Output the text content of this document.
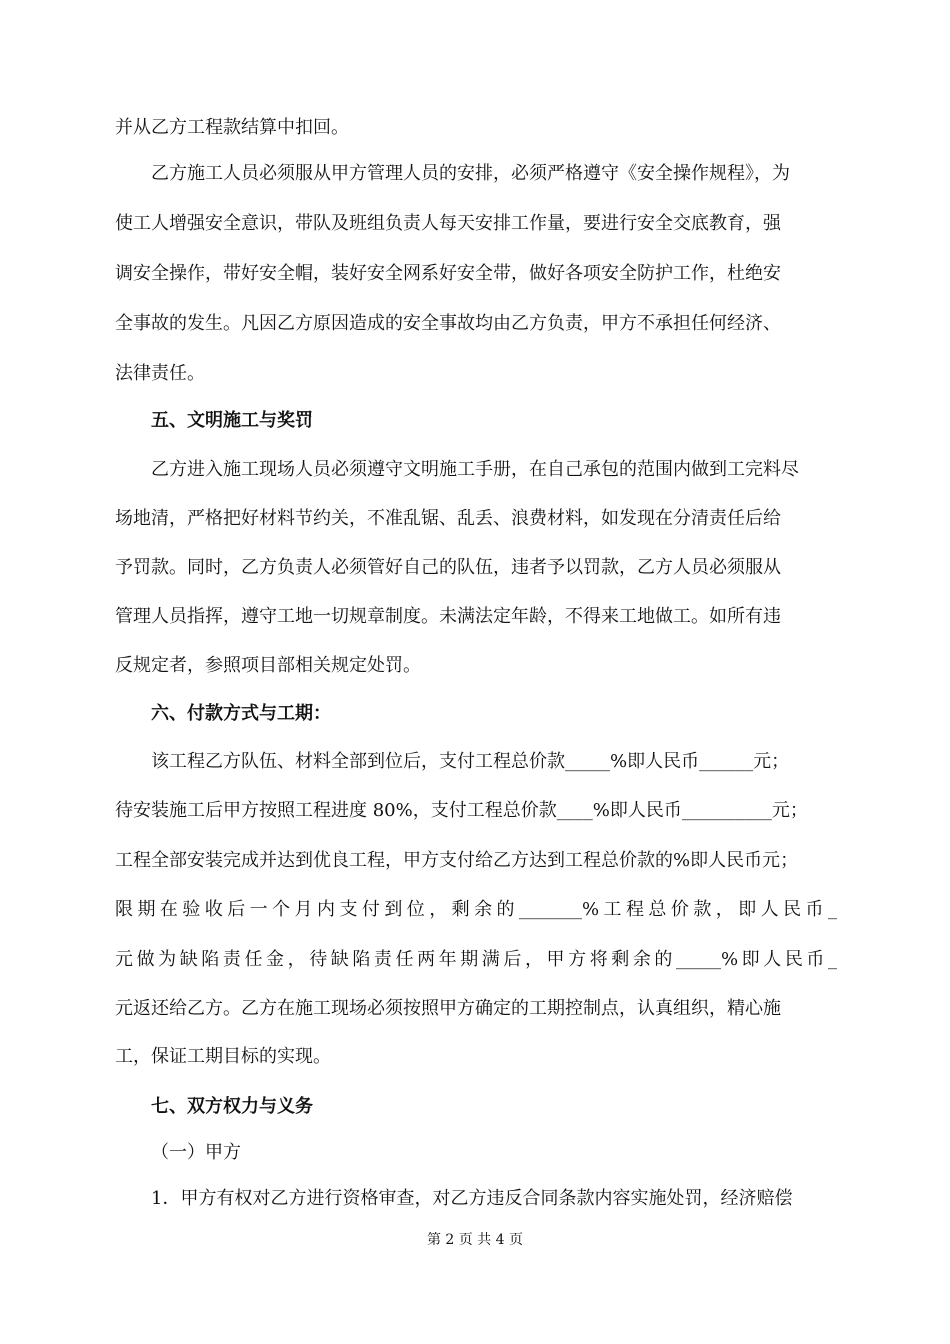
并从乙方工程款结算中扣回。
乙方施工人员必须服从甲方管理人员的安排，必须严格遵守《安全操作规程》，为
使工人增强安全意识，带队及班组负责人每天安排工作量，要进行安全交底教育，强
调安全操作，带好安全帽，装好安全网系好安全带，做好各项安全防护工作，杜绝安
全事故的发生。凡因乙方原因造成的安全事故均由乙方负责，甲方不承担任何经济、
法律责任。
五、文明施工与奖罚
乙方进入施工现场人员必须遵守文明施工手册，在自己承包的范围内做到工完料尽
场地清，严格把好材料节约关，不准乱锯、乱丢、浪费材料，如发现在分清责任后给
予罚款。同时，乙方负责人必须管好自己的队伍，违者予以罚款，乙方人员必须服从
管理人员指挥，遵守工地一切规章制度。未满法定年龄，不得来工地做工。如所有违
反规定者，参照项目部相关规定处罚。
六、付款方式与工期：
该工程乙方队伍、材料全部到位后，支付工程总价款_____%即人民币______元；
待安装施工后甲方按照工程进度 80%，支付工程总价款____%即人民币__________元；
工程全部安装完成并达到优良工程，甲方支付给乙方达到工程总价款的%即人民币元；
限期在验收后一个月内支付到位，剩余的_______%工程总价款，即人民币_
元做为缺陷责任金，待缺陷责任两年期满后，甲方将剩余的_____%即人民币_
元返还给乙方。乙方在施工现场必须按照甲方确定的工期控制点，认真组织，精心施
工，保证工期目标的实现。
七、双方权力与义务
（一）甲方
1．甲方有权对乙方进行资格审查，对乙方违反合同条款内容实施处罚，经济赔偿
第 2 页 共 4 页
